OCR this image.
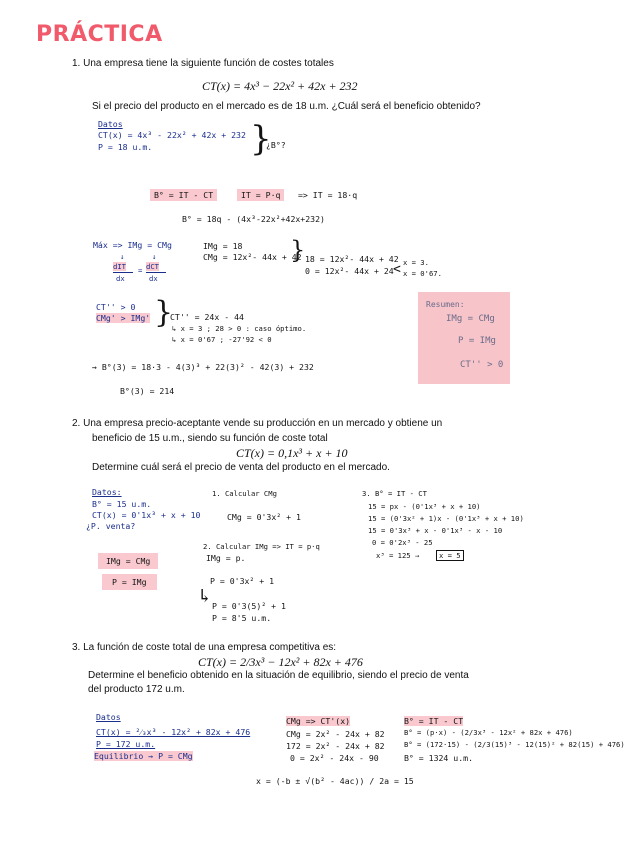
PRÁCTICA
1. Una empresa tiene la siguiente función de costes totales
CT(x) = 4x³ − 22x² + 42x + 232
Si el precio del producto en el mercado es de 18 u.m. ¿Cuál será el beneficio obtenido?
Datos
CT(x) = 4x³ - 22x² + 42x + 232
P = 18 u.m.	}
¿B°?
B° = IT - CT	IT = P·q	=> IT = 18·q
B° = 18q - (4x³-22x²+42x+232)
Máx => IMg = CMg
↓	↓
dIT = dCT
dx	dx
IMg = 18
CMg = 12x²- 44x + 42
} 18 = 12x²- 44x + 42
0 = 12x²- 44x + 24 < x = 3.
x = 0'67.
CT'' > 0
CMg' > IMg' }
CT'' = 24x - 44
↳ x = 3 ; 28 > 0 : caso óptimo.
↳ x = 0'67 ; -27'92 < 0
→ B°(3) = 18·3 - 4(3)³ + 22(3)² - 42(3) + 232
B°(3) = 214
Resumen:
IMg = CMg
P = IMg
CT'' > 0
2. Una empresa precio-aceptante vende su producción en un mercado y obtiene un
beneficio de 15 u.m., siendo su función de coste total
CT(x) = 0,1x³ + x + 10
Determine cuál será el precio de venta del producto en el mercado.
Datos:
B° = 15 u.m.
CT(x) = 0'1x³ + x + 10
¿P. venta?
IMg = CMg
P = IMg
1. Calcular CMg
CMg = 0'3x² + 1
2. Calcular IMg => IT = p·q
IMg = p.
P = 0'3x² + 1
↳ P = 0'3(5)² + 1
P = 8'5 u.m.
3. B° = IT - CT
15 = px - (0'1x³ + x + 10)
15 = (0'3x² + 1)x - (0'1x³ + x + 10)
15 = 0'3x³ + x - 0'1x³ - x - 10
0 = 0'2x³ - 25
x³ = 125 →	x = 5
3. La función de coste total de una empresa competitiva es:
CT(x) = 2/3x³ − 12x² + 82x + 476
Determine el beneficio obtenido en la situación de equilibrio, siendo el precio de venta
del producto 172 u.m.
Datos
CT(x) = ²⁄₃x³ - 12x² + 82x + 476
P = 172 u.m.
Equilibrio → P = CMg
CMg => CT'(x)
CMg = 2x² - 24x + 82
172 = 2x² - 24x + 82
0 = 2x² - 24x - 90
x = (-b ± √(b² - 4ac)) / 2a = 15
B° = IT - CT
B° = (p·x) - (2/3x³ - 12x² + 82x + 476)
B° = (172·15) - (2/3(15)³ - 12(15)² + 82(15) + 476)
B° = 1324 u.m.
